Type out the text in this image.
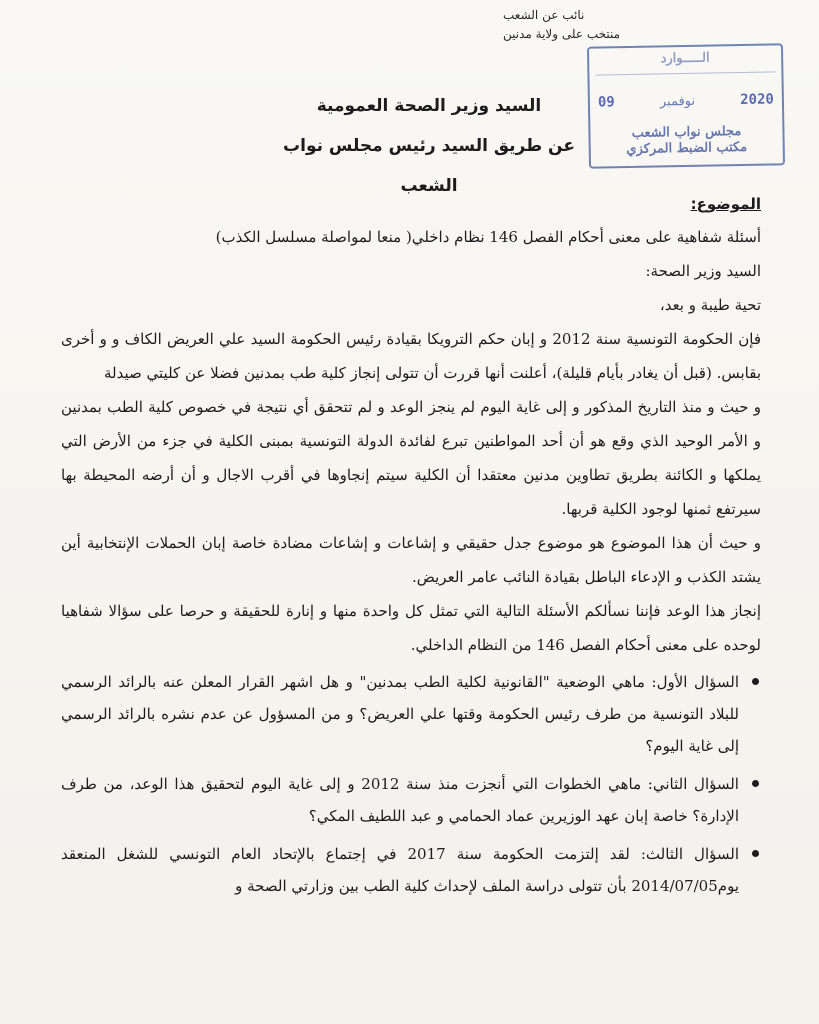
نائب عن الشعب
منتخب على ولاية مدنين
الـــــوارد
09	نوفمبر	2020
مجلس نواب الشعب
مكتب الضبط المركزي
السيد وزير الصحة العمومية
عن طريق السيد رئيس مجلس نواب الشعب
الموضوع:

أسئلة شفاهية على معنى أحكام الفصل 146 نظام داخلي( منعا لمواصلة مسلسل الكذب)

السيد وزير الصحة:

تحية طيبة و بعد،

فإن الحكومة التونسية سنة 2012 و إبان حكم الترويكا بقيادة رئيس الحكومة السيد علي العريض الكاف و و أخرى بقابس. (قبل أن يغادر بأيام قليلة)، أعلنت أنها قررت أن تتولى إنجاز كلية طب بمدنين فضلا عن كليتي صيدلة

و حيث و منذ التاريخ المذكور و إلى غاية اليوم لم ينجز الوعد و لم تتحقق أي نتيجة في خصوص كلية الطب بمدنين و الأمر الوحيد الذي وقع هو أن أحد المواطنين تبرع لفائدة الدولة التونسية بمبنى الكلية في جزء من الأرض التي يملكها و الكائنة بطريق تطاوين مدنين معتقدا أن الكلية سيتم إنجاوها في أقرب الاجال و أن أرضه المحيطة بها سيرتفع ثمنها لوجود الكلية قربها.

و حيث أن هذا الموضوع هو موضوع جدل حقيقي و إشاعات و إشاعات مضادة خاصة إبان الحملات الإنتخابية أين يشتد الكذب و الإدعاء الباطل بقيادة النائب عامر العريض.

إنجاز هذا الوعد فإننا نسألكم الأسئلة التالية التي تمثل كل واحدة منها و إنارة للحقيقة و حرصا على سؤالا شفاهيا لوحده على معنى أحكام الفصل 146 من النظام الداخلي.

السؤال الأول: ماهي الوضعية "القانونية لكلية الطب بمدنين" و هل اشهر القرار المعلن عنه بالرائد الرسمي للبلاد التونسية من طرف رئيس الحكومة وقتها علي العريض؟ و من المسؤول عن عدم نشره بالرائد الرسمي إلى غاية اليوم؟
السؤال الثاني: ماهي الخطوات التي أنجزت منذ سنة 2012 و إلى غاية اليوم لتحقيق هذا الوعد، من طرف الإدارة؟ خاصة إبان عهد الوزيرين عماد الحمامي و عبد اللطيف المكي؟
السؤال الثالث: لقد إلتزمت الحكومة سنة 2017 في إجتماع بالإتحاد العام التونسي للشغل المنعقد يوم2014/07/05 بأن تتولى دراسة الملف لإحداث كلية الطب بين وزارتي الصحة و
